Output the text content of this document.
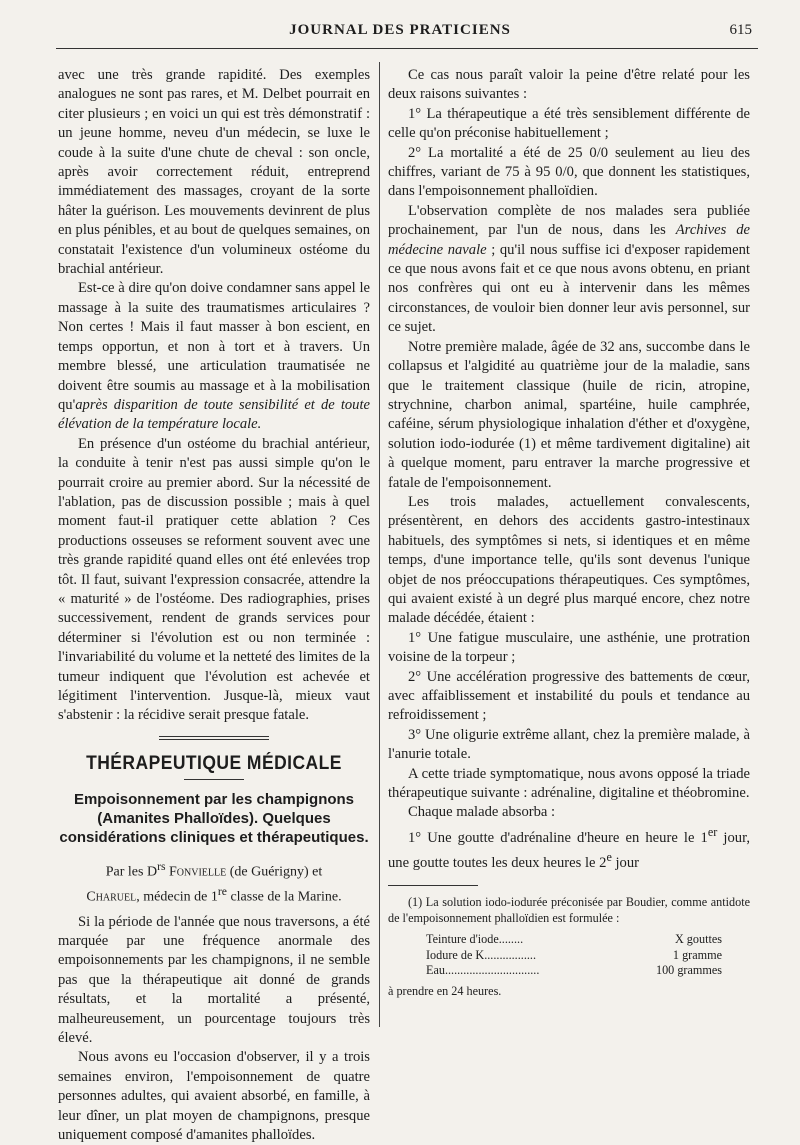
JOURNAL DES PRATICIENS	615

avec une très grande rapidité. Des exemples analogues ne sont pas rares, et M. Delbet pourrait en citer plusieurs ; en voici un qui est très démonstratif : un jeune homme, neveu d'un médecin, se luxe le coude à la suite d'une chute de cheval : son oncle, après avoir correctement réduit, entreprend immédiatement des massages, croyant de la sorte hâter la guérison. Les mouvements devinrent de plus en plus pénibles, et au bout de quelques semaines, on constatait l'existence d'un volumineux ostéome du brachial antérieur.

Est-ce à dire qu'on doive condamner sans appel le massage à la suite des traumatismes articulaires ? Non certes ! Mais il faut masser à bon escient, en temps opportun, et non à tort et à travers. Un membre blessé, une articulation traumatisée ne doivent être soumis au massage et à la mobilisation qu'après disparition de toute sensibilité et de toute élévation de la température locale.

En présence d'un ostéome du brachial antérieur, la conduite à tenir n'est pas aussi simple qu'on le pourrait croire au premier abord. Sur la nécessité de l'ablation, pas de discussion possible ; mais à quel moment faut-il pratiquer cette ablation ? Ces productions osseuses se reforment souvent avec une très grande rapidité quand elles ont été enlevées trop tôt. Il faut, suivant l'expression consacrée, attendre la « maturité » de l'ostéome. Des radiographies, prises successivement, rendent de grands services pour déterminer si l'évolution est ou non terminée : l'invariabilité du volume et la netteté des limites de la tumeur indiquent que l'évolution est achevée et légitiment l'intervention. Jusque-là, mieux vaut s'abstenir : la récidive serait presque fatale.

THÉRAPEUTIQUE MÉDICALE
Empoisonnement par les champignons (Amanites Phalloïdes). Quelques considérations cliniques et thérapeutiques.
Par les $D^{rs}$ Fonvielle (de Guérigny) et
Charuel, médecin de 1re classe de la Marine.

Si la période de l'année que nous traversons, a été marquée par une fréquence anormale des empoisonnements par les champignons, il ne semble pas que la thérapeutique ait donné de grands résultats, et la mortalité a présenté, malheureusement, un pourcentage toujours très élevé.

Nous avons eu l'occasion d'observer, il y a trois semaines environ, l'empoisonnement de quatre personnes adultes, qui avaient absorbé, en famille, à leur dîner, un plat moyen de champignons, presque uniquement composé d'amanites phalloïdes.

Ce cas nous paraît valoir la peine d'être relaté pour les deux raisons suivantes :

1° La thérapeutique a été très sensiblement différente de celle qu'on préconise habituellement ;

2° La mortalité a été de 25 0/0 seulement au lieu des chiffres, variant de 75 à 95 0/0, que donnent les statistiques, dans l'empoisonnement phalloïdien.

L'observation complète de nos malades sera publiée prochainement, par l'un de nous, dans les Archives de médecine navale ; qu'il nous suffise ici d'exposer rapidement ce que nous avons fait et ce que nous avons obtenu, en priant nos confrères qui ont eu à intervenir dans les mêmes circonstances, de vouloir bien donner leur avis personnel, sur ce sujet.

Notre première malade, âgée de 32 ans, succombe dans le collapsus et l'algidité au quatrième jour de la maladie, sans que le traitement classique (huile de ricin, atropine, strychnine, charbon animal, spartéine, huile camphrée, caféine, sérum physiologique inhalation d'éther et d'oxygène, solution iodo-iodurée (1) et même tardivement digitaline) ait à quelque moment, paru entraver la marche progressive et fatale de l'empoisonnement.

Les trois malades, actuellement convalescents, présentèrent, en dehors des accidents gastro-intestinaux habituels, des symptômes si nets, si identiques et en même temps, d'une importance telle, qu'ils sont devenus l'unique objet de nos préoccupations thérapeutiques. Ces symptômes, qui avaient existé à un degré plus marqué encore, chez notre malade décédée, étaient :

1° Une fatigue musculaire, une asthénie, une protration voisine de la torpeur ;

2° Une accélération progressive des battements de cœur, avec affaiblissement et instabilité du pouls et tendance au refroidissement ;

3° Une oligurie extrême allant, chez la première malade, à l'anurie totale.

A cette triade symptomatique, nous avons opposé la triade thérapeutique suivante : adrénaline, digitaline et théobromine.

Chaque malade absorba :

1° Une goutte d'adrénaline d'heure en heure le 1er jour, une goutte toutes les deux heures le 2e jour

(1) La solution iodo-iodurée préconisée par Boudier, comme antidote de l'empoisonnement phalloïdien est formulée :

Teinture d'iode........	X gouttes
Iodure de K.................	1 gramme
Eau...............................	100 grammes

à prendre en 24 heures.
